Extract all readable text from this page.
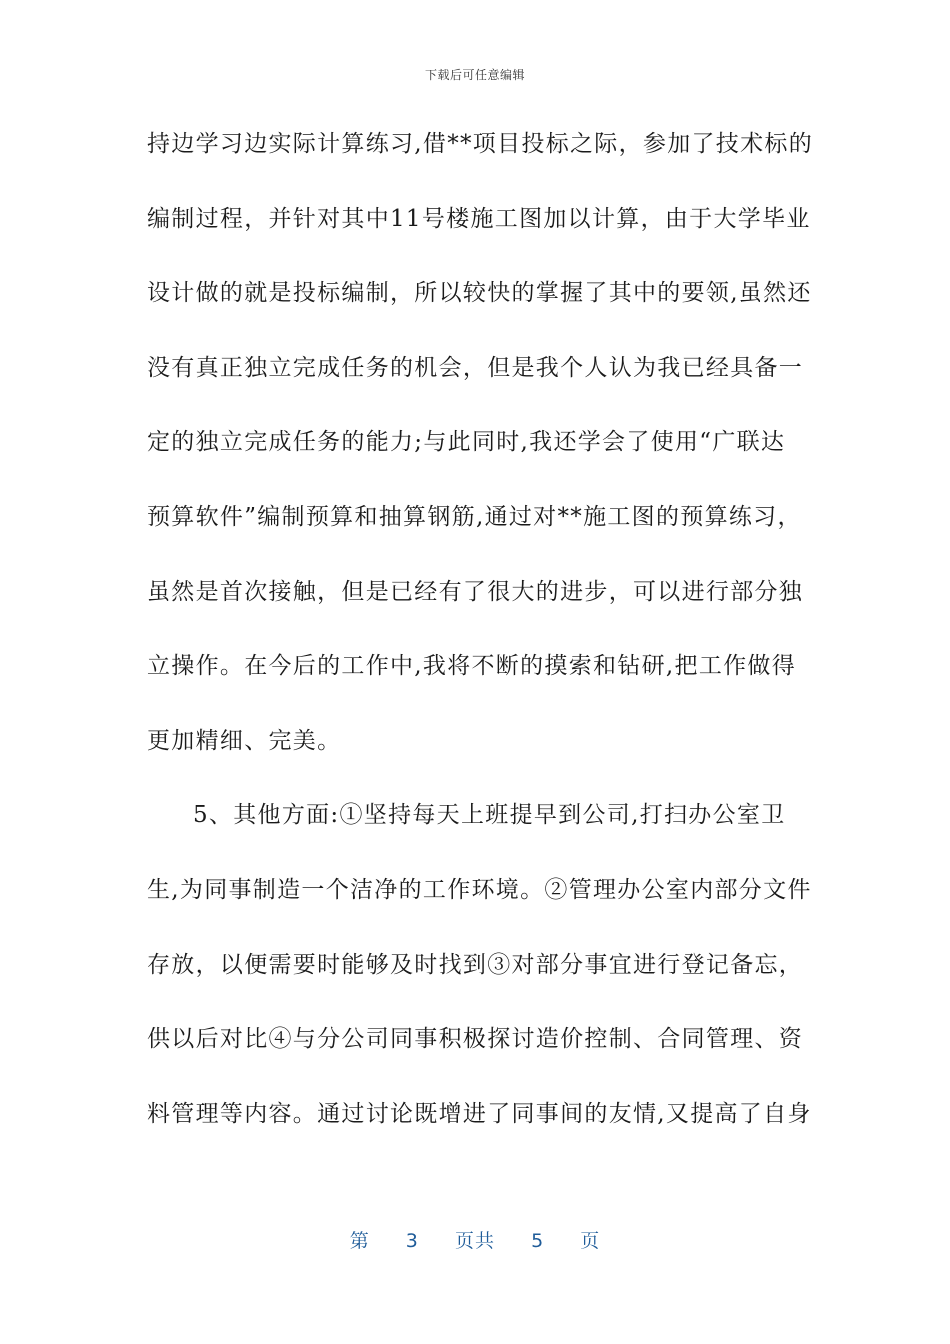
下载后可任意编辑
持边学习边实际计算练习,借**项目投标之际，参加了技术标的
编制过程，并针对其中11号楼施工图加以计算，由于大学毕业
设计做的就是投标编制，所以较快的掌握了其中的要领,虽然还
没有真正独立完成任务的机会，但是我个人认为我已经具备一
定的独立完成任务的能力;与此同时,我还学会了使用“广联达
预算软件”编制预算和抽算钢筋,通过对**施工图的预算练习，
虽然是首次接触，但是已经有了很大的进步，可以进行部分独
立操作。在今后的工作中,我将不断的摸索和钻研,把工作做得
更加精细、完美。
5、其他方面:①坚持每天上班提早到公司,打扫办公室卫
生,为同事制造一个洁净的工作环境。②管理办公室内部分文件
存放，以便需要时能够及时找到③对部分事宜进行登记备忘，
供以后对比④与分公司同事积极探讨造价控制、合同管理、资
料管理等内容。通过讨论既增进了同事间的友情,又提高了自身
第 3 页共 5 页
